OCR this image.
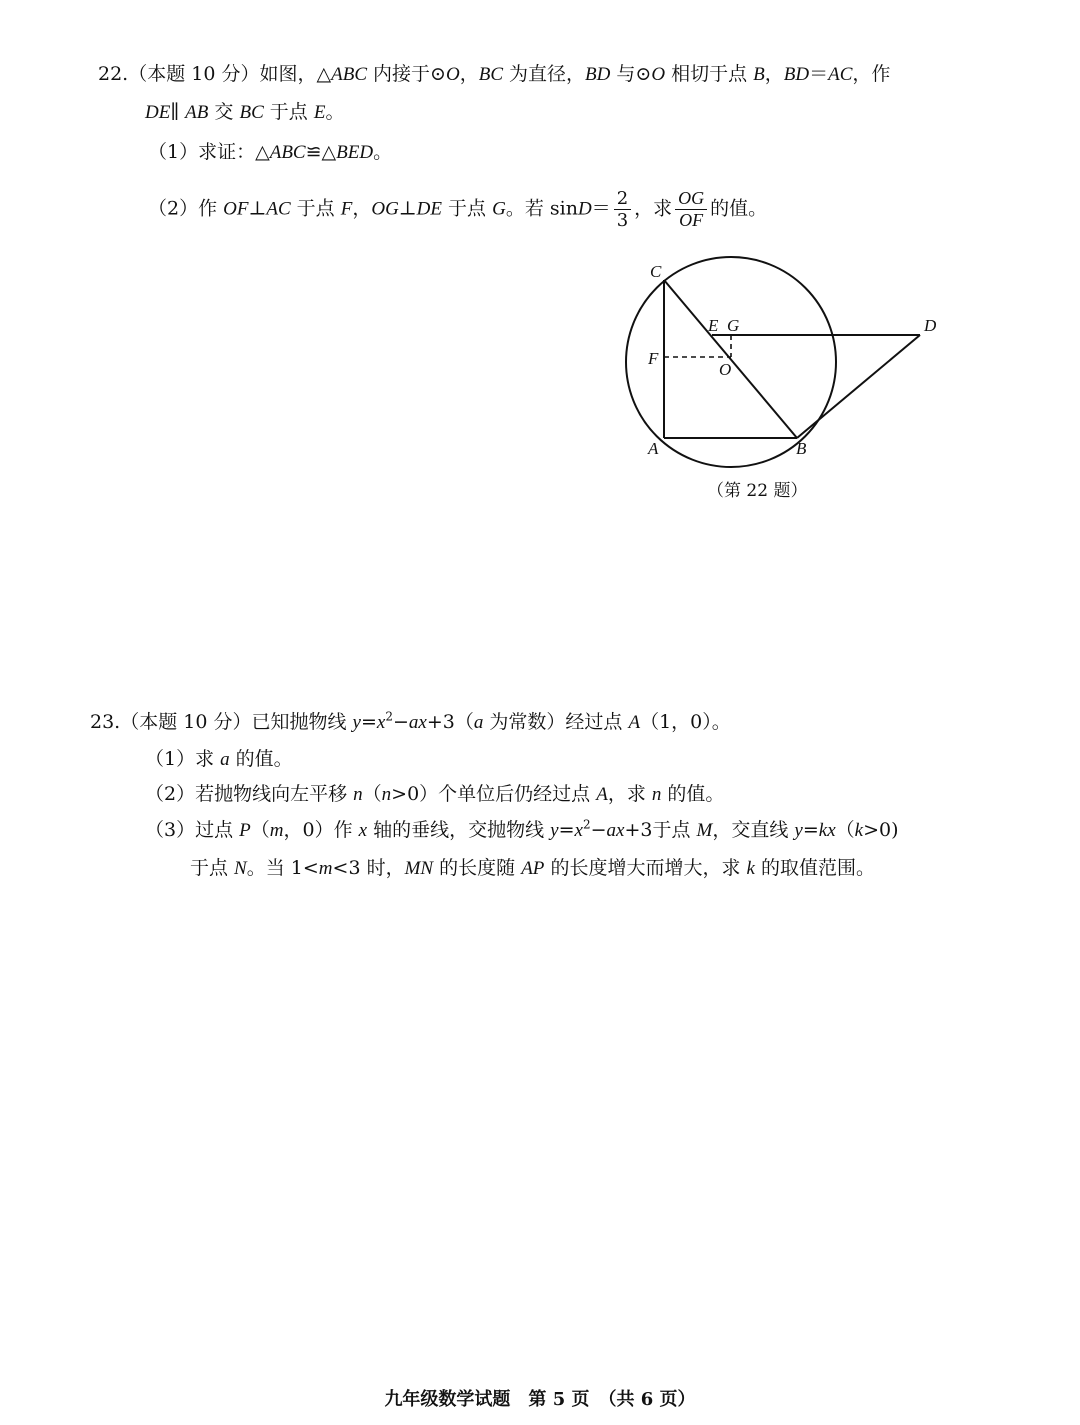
22.（本题 10 分）如图，△ABC 内接于⊙O，BC 为直径，BD 与⊙O 相切于点 B，BD＝AC，作
DE∥ AB 交 BC 于点 E。
（1）求证：△ABC≌△BED。
（2）作 OF⊥AC 于点 F，OG⊥DE 于点 G。若 $\sin D= \frac{2}{3}$ ，求 $\frac{OG}{OF}$ 的值。
C
E G	D
F
O
A	B
（第 22 题）
23.（本题 10 分）已知抛物线 $y=x^2-ax+3(a$ 为常数）经过点 A（1，0）。
（1）求 a 的值。
（2）若抛物线向左平移 n（n>0）个单位后仍经过点 A，求 n 的值。
（3）过点 P（m，0）作 x 轴的垂线，交抛物线 $y=x^2-ax+3$于点 M，交直线 y=kx（k>0)
于点 N。当 1<m<3 时，MN 的长度随 AP 的长度增大而增大，求 k 的取值范围。
九年级数学试题　第 5 页　（共 6 页）
